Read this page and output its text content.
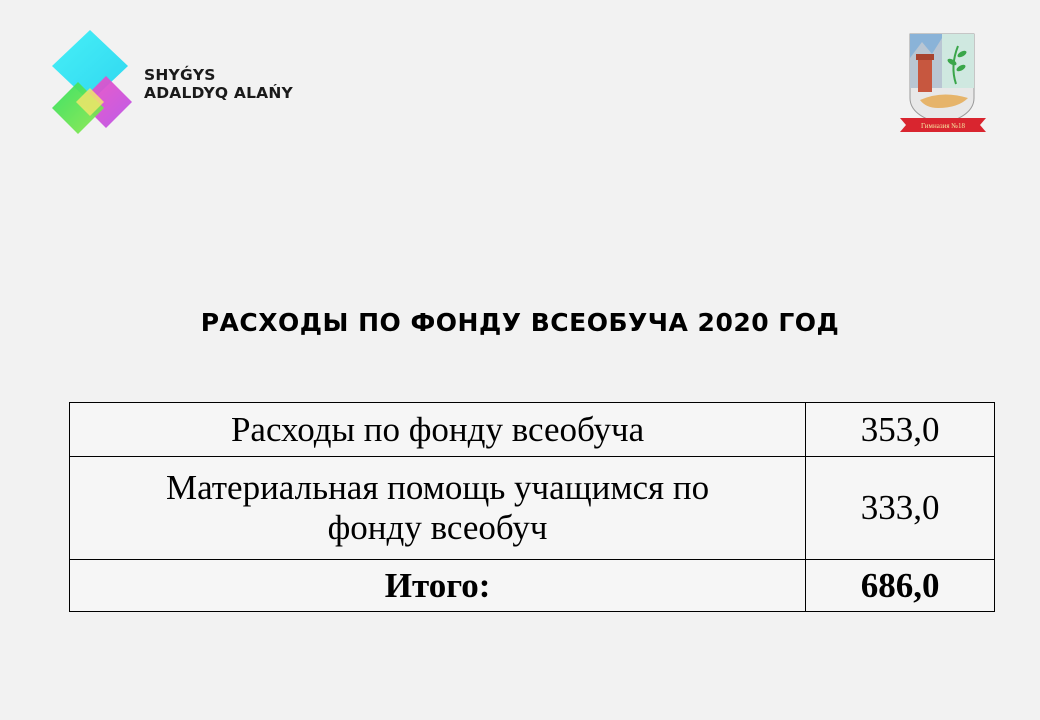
SHYǴYS
ADALDYQ ALAŃY
Гимназия №18
РАСХОДЫ ПО ФОНДУ ВСЕОБУЧА 2020 ГОД
Расходы по фонду всеобуча	353,0

Материальная помощь учащимся по
фонду всеобуч	333,0
Итого:	686,0
